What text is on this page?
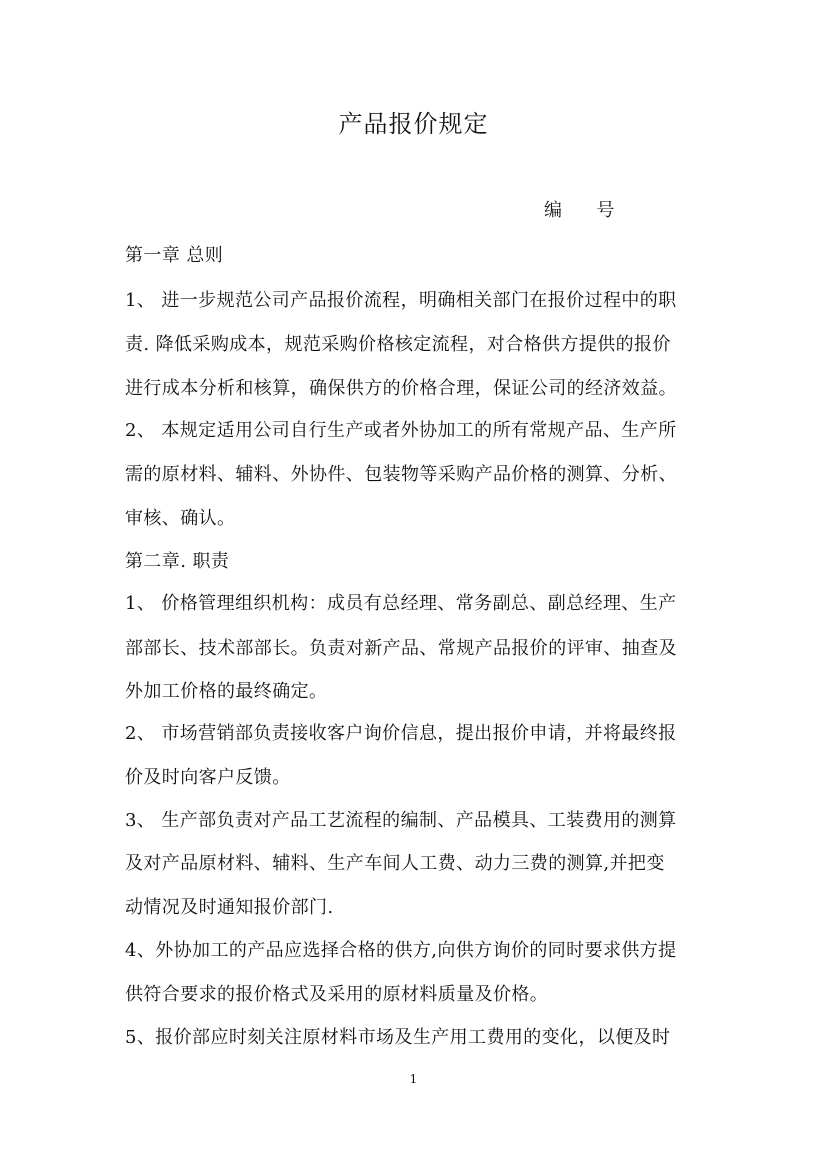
产品报价规定
编      号
第一章 总则
1、 进一步规范公司产品报价流程，明确相关部门在报价过程中的职
责. 降低采购成本，规范采购价格核定流程，对合格供方提供的报价
进行成本分析和核算，确保供方的价格合理，保证公司的经济效益。
2、 本规定适用公司自行生产或者外协加工的所有常规产品、生产所
需的原材料、辅料、外协件、包装物等采购产品价格的测算、分析、
审核、确认。
第二章. 职责
1、 价格管理组织机构：成员有总经理、常务副总、副总经理、生产
部部长、技术部部长。负责对新产品、常规产品报价的评审、抽查及
外加工价格的最终确定。
2、 市场营销部负责接收客户询价信息，提出报价申请，并将最终报
价及时向客户反馈。
3、 生产部负责对产品工艺流程的编制、产品模具、工装费用的测算
及对产品原材料、辅料、生产车间人工费、动力三费的测算,并把变
动情况及时通知报价部门.
4、外协加工的产品应选择合格的供方,向供方询价的同时要求供方提
供符合要求的报价格式及采用的原材料质量及价格。
5、报价部应时刻关注原材料市场及生产用工费用的变化，以便及时
1
